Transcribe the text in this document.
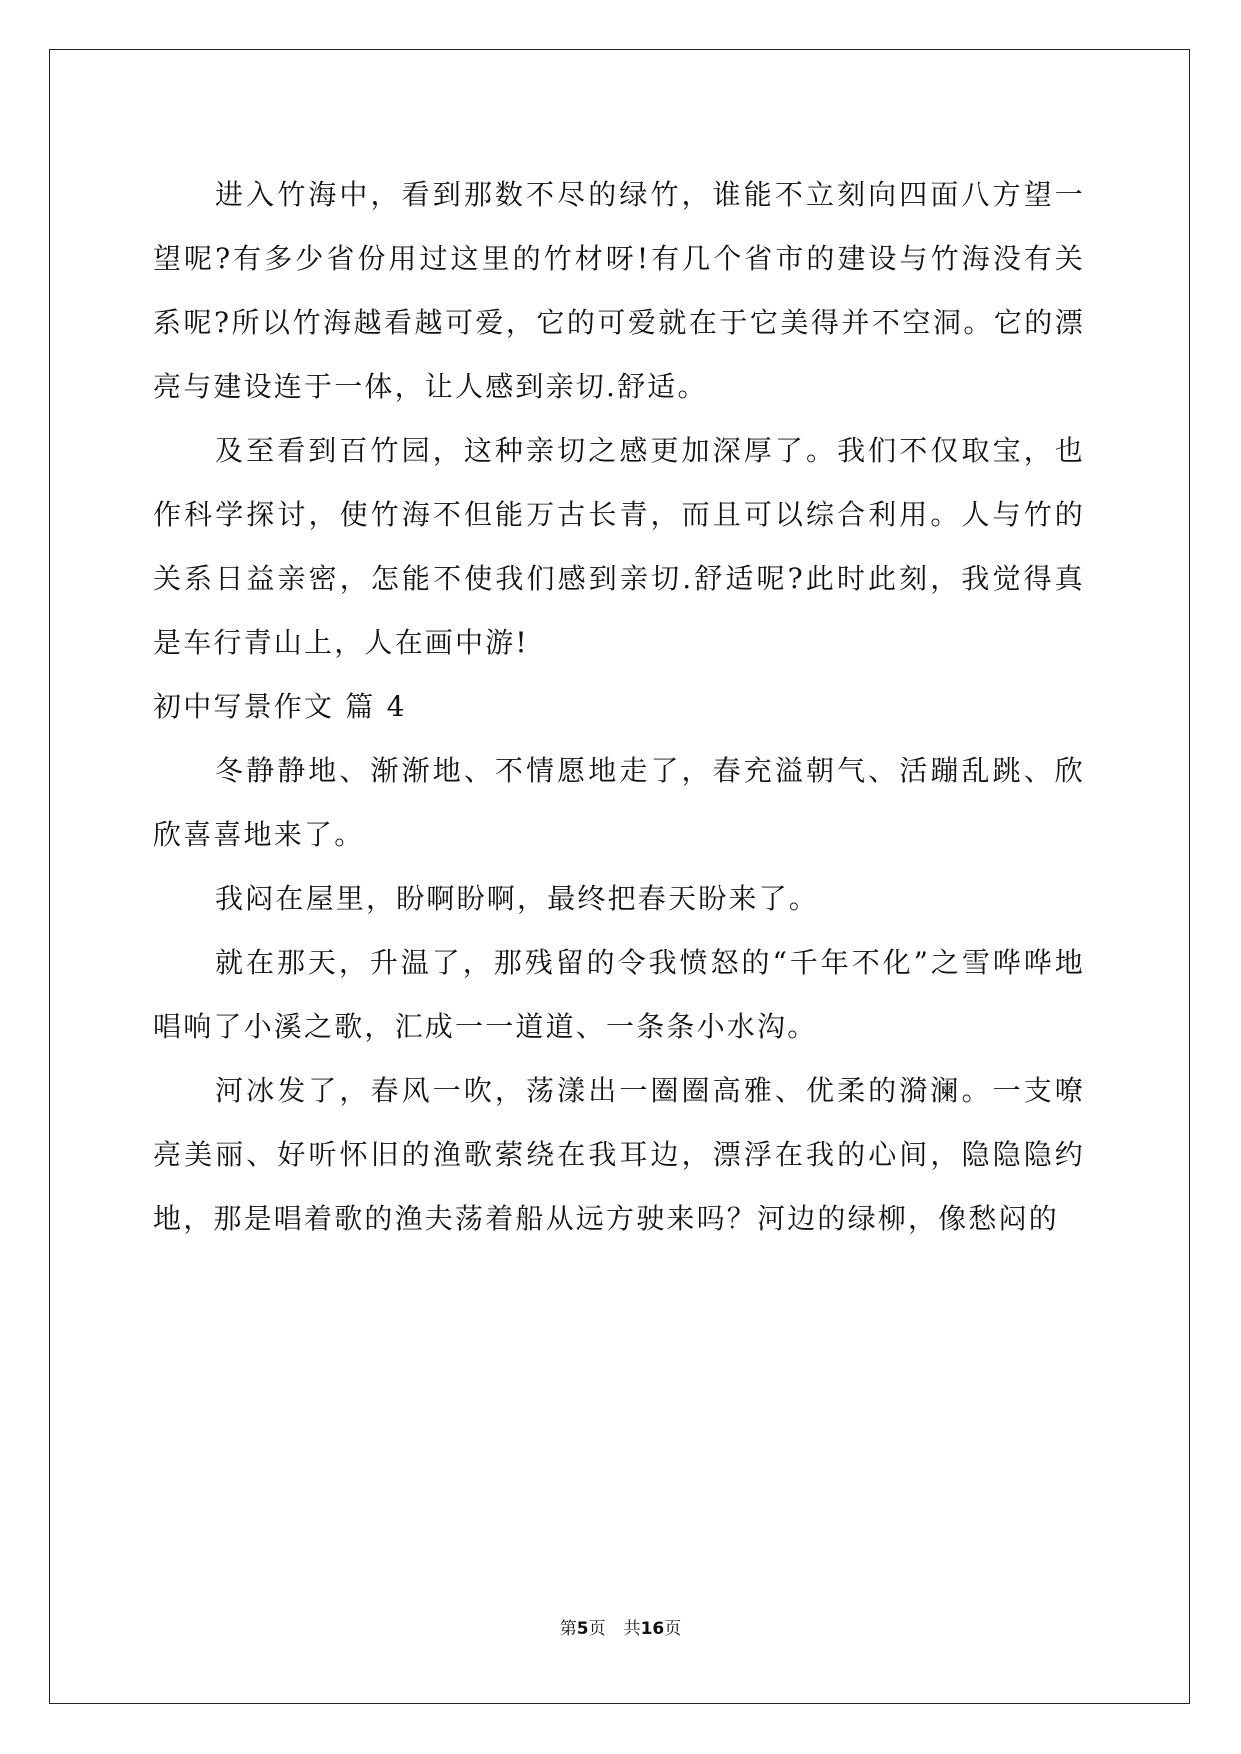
进入竹海中，看到那数不尽的绿竹，谁能不立刻向四面八方望一望呢?有多少省份用过这里的竹材呀!有几个省市的建设与竹海没有关系呢?所以竹海越看越可爱，它的可爱就在于它美得并不空洞。它的漂亮与建设连于一体，让人感到亲切.舒适。

及至看到百竹园，这种亲切之感更加深厚了。我们不仅取宝，也作科学探讨，使竹海不但能万古长青，而且可以综合利用。人与竹的关系日益亲密，怎能不使我们感到亲切.舒适呢?此时此刻，我觉得真是车行青山上，人在画中游!

初中写景作文 篇 4

冬静静地、渐渐地、不情愿地走了，春充溢朝气、活蹦乱跳、欣欣喜喜地来了。

我闷在屋里，盼啊盼啊，最终把春天盼来了。

就在那天，升温了，那残留的令我愤怒的“千年不化”之雪哗哗地唱响了小溪之歌，汇成一一道道、一条条小水沟。

河冰发了，春风一吹，荡漾出一圈圈高雅、优柔的漪澜。一支嘹亮美丽、好听怀旧的渔歌萦绕在我耳边，漂浮在我的心间，隐隐隐约地，那是唱着歌的渔夫荡着船从远方驶来吗？河边的绿柳，像愁闷的

第5页 共16页
